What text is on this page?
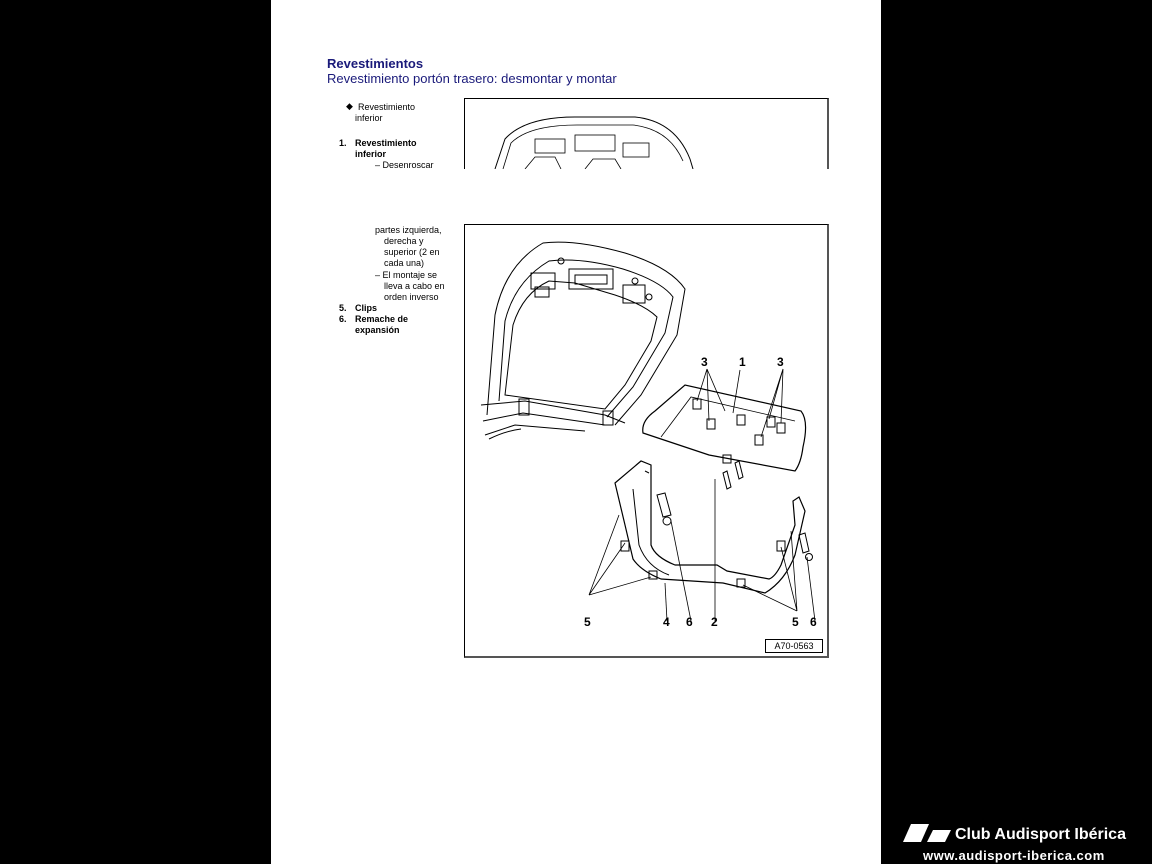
Revestimientos
Revestimiento portón trasero: desmontar y montar
◆ Revestimiento
inferior
1. Revestimiento
inferior
– Desenroscar
partes izquierda,
derecha y
superior (2 en
cada una)
– El montaje se
lleva a cabo en
orden inverso
5. Clips
6. Remache de
expansión
3	1	3
5	4 6 2	5 6
A70-0563
Club Audisport Ibérica
www.audisport-iberica.com
